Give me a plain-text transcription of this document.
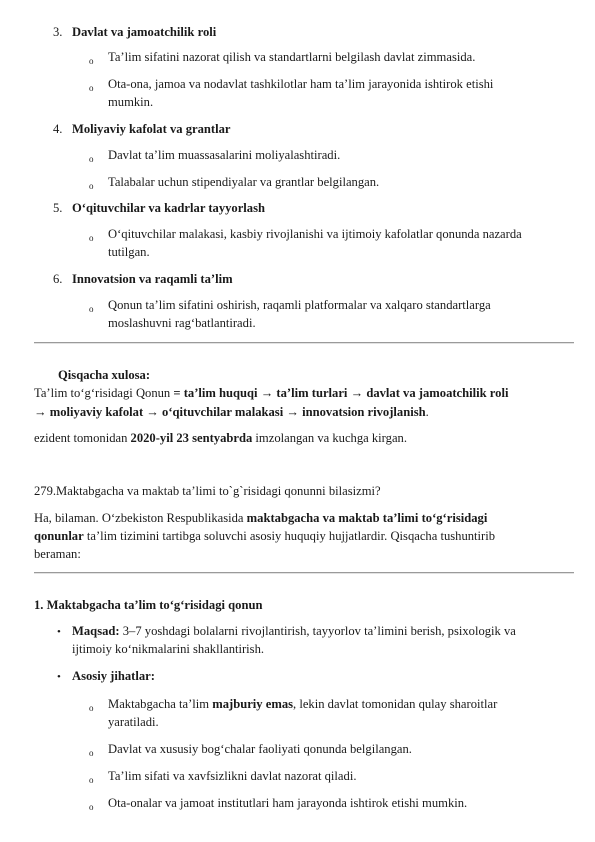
3. Davlat va jamoatchilik roli
o Ta’lim sifatini nazorat qilish va standartlarni belgilash davlat zimmasida.
o Ota-ona, jamoa va nodavlat tashkilotlar ham ta’lim jarayonida ishtirok etishi
mumkin.
4. Moliyaviy kafolat va grantlar
o Davlat ta’lim muassasalarini moliyalashtiradi.
o Talabalar uchun stipendiyalar va grantlar belgilangan.
5. O‘qituvchilar va kadrlar tayyorlash
o O‘qituvchilar malakasi, kasbiy rivojlanishi va ijtimoiy kafolatlar qonunda nazarda
tutilgan.
6. Innovatsion va raqamli ta’lim
o Qonun ta’lim sifatini oshirish, raqamli platformalar va xalqaro standartlarga
moslashuvni rag‘batlantiradi.
Qisqacha xulosa:
Ta’lim to‘g‘risidagi Qonun = ta’lim huquqi → ta’lim turlari → davlat va jamoatchilik roli
→ moliyaviy kafolat → o‘qituvchilar malakasi → innovatsion rivojlanish.
ezident tomonidan 2020-yil 23 sentyabrda imzolangan va kuchga kirgan.
279.Maktabgacha va maktab ta’limi to`g`risidagi qonunni bilasizmi?
Ha, bilaman. O‘zbekiston Respublikasida maktabgacha va maktab ta’limi to‘g‘risidagi
qonunlar ta’lim tizimini tartibga soluvchi asosiy huquqiy hujjatlardir. Qisqacha tushuntirib
beraman:
1. Maktabgacha ta’lim to‘g‘risidagi qonun
• Maqsad: 3–7 yoshdagi bolalarni rivojlantirish, tayyorlov ta’limini berish, psixologik va
ijtimoiy ko‘nikmalarini shakllantirish.
• Asosiy jihatlar:
o Maktabgacha ta’lim majburiy emas, lekin davlat tomonidan qulay sharoitlar
yaratiladi.
o Davlat va xususiy bog‘chalar faoliyati qonunda belgilangan.
o Ta’lim sifati va xavfsizlikni davlat nazorat qiladi.
o Ota-onalar va jamoat institutlari ham jarayonda ishtirok etishi mumkin.
